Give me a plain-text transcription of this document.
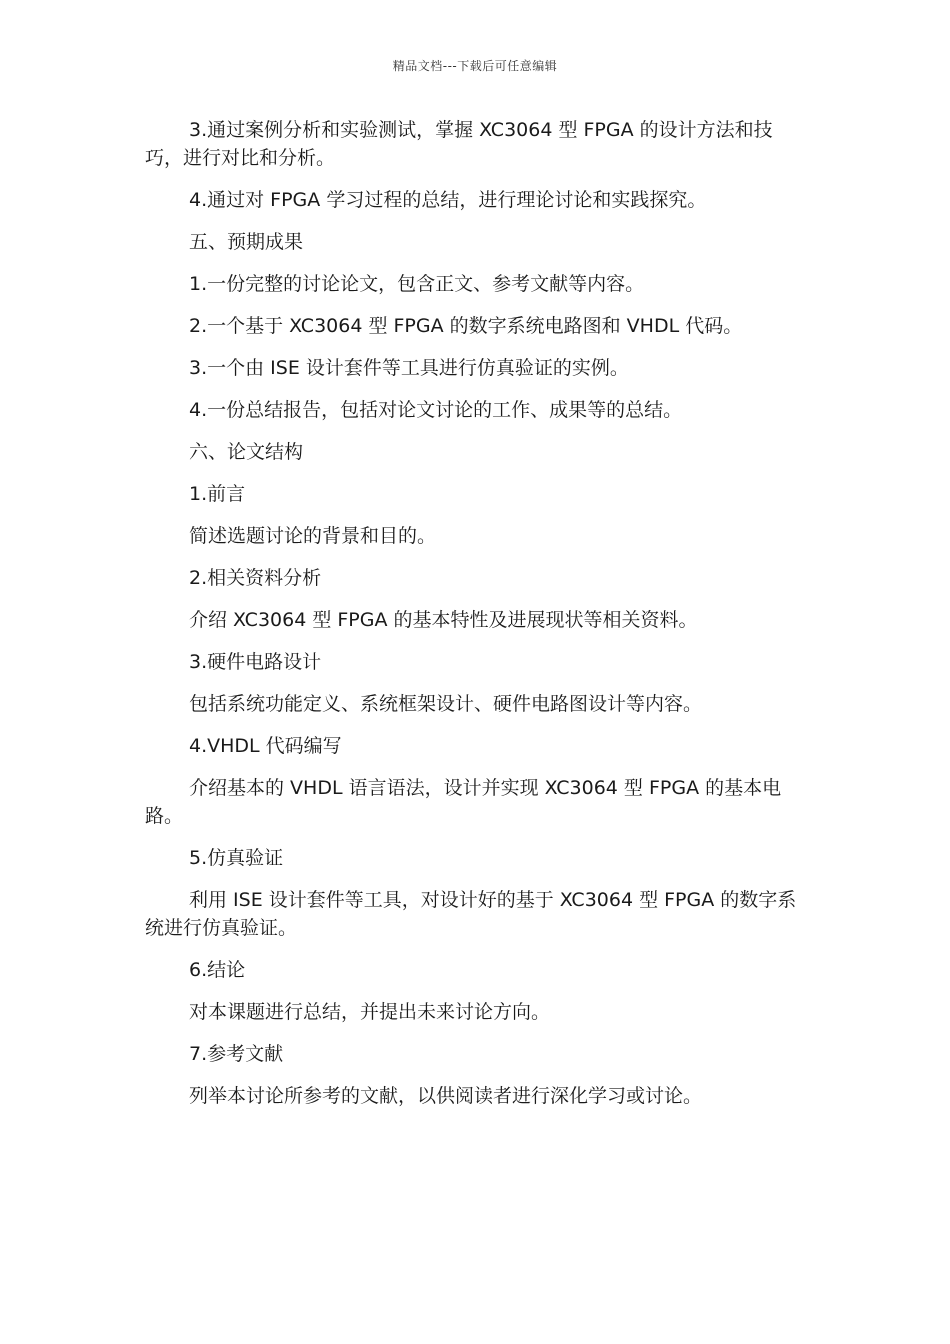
精品文档---下载后可任意编辑

3.通过案例分析和实验测试，掌握 XC3064 型 FPGA 的设计方法和技巧，进行对比和分析。

4.通过对 FPGA 学习过程的总结，进行理论讨论和实践探究。

五、预期成果

1.一份完整的讨论论文，包含正文、参考文献等内容。

2.一个基于 XC3064 型 FPGA 的数字系统电路图和 VHDL 代码。

3.一个由 ISE 设计套件等工具进行仿真验证的实例。

4.一份总结报告，包括对论文讨论的工作、成果等的总结。

六、论文结构

1.前言

简述选题讨论的背景和目的。

2.相关资料分析

介绍 XC3064 型 FPGA 的基本特性及进展现状等相关资料。

3.硬件电路设计

包括系统功能定义、系统框架设计、硬件电路图设计等内容。

4.VHDL 代码编写

介绍基本的 VHDL 语言语法，设计并实现 XC3064 型 FPGA 的基本电路。

5.仿真验证

利用 ISE 设计套件等工具，对设计好的基于 XC3064 型 FPGA 的数字系统进行仿真验证。

6.结论

对本课题进行总结，并提出未来讨论方向。

7.参考文献

列举本讨论所参考的文献，以供阅读者进行深化学习或讨论。
